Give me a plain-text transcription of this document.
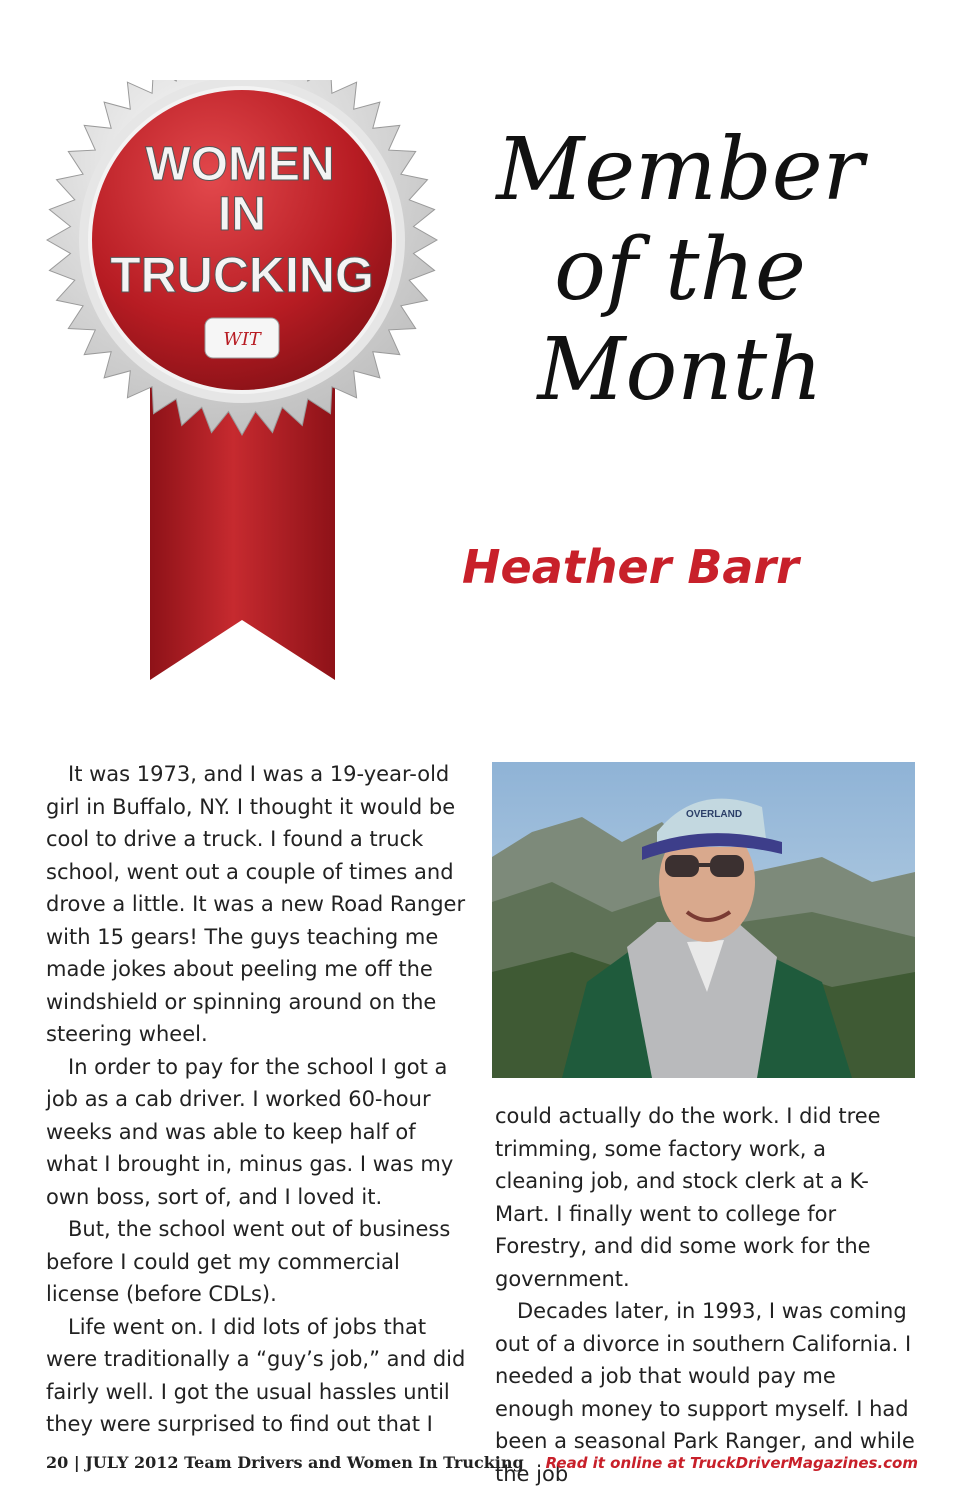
WOMEN
IN
TRUCKING
WIT
Member
of the
Month
Heather Barr

It was 1973, and I was a 19-year-old girl in Buffalo, NY. I thought it would be cool to drive a truck. I found a truck school, went out a couple of times and drove a little. It was a new Road Ranger with 15 gears! The guys teaching me made jokes about peeling me off the windshield or spinning around on the steering wheel.

In order to pay for the school I got a job as a cab driver. I worked 60-hour weeks and was able to keep half of what I brought in, minus gas. I was my own boss, sort of, and I loved it.

But, the school went out of business before I could get my commercial license (before CDLs).

Life went on. I did lots of jobs that were traditionally a “guy’s job,” and did fairly well. I got the usual hassles until they were surprised to find out that I

OVERLAND

could actually do the work. I did tree trimming, some factory work, a cleaning job, and stock clerk at a K-Mart. I finally went to college for Forestry, and did some work for the government.

Decades later, in 1993, I was coming out of a divorce in southern California. I needed a job that would pay me enough money to support myself. I had been a seasonal Park Ranger, and while the job

20 | JULY 2012 Team Drivers and Women In Trucking Read it online at TruckDriverMagazines.com
